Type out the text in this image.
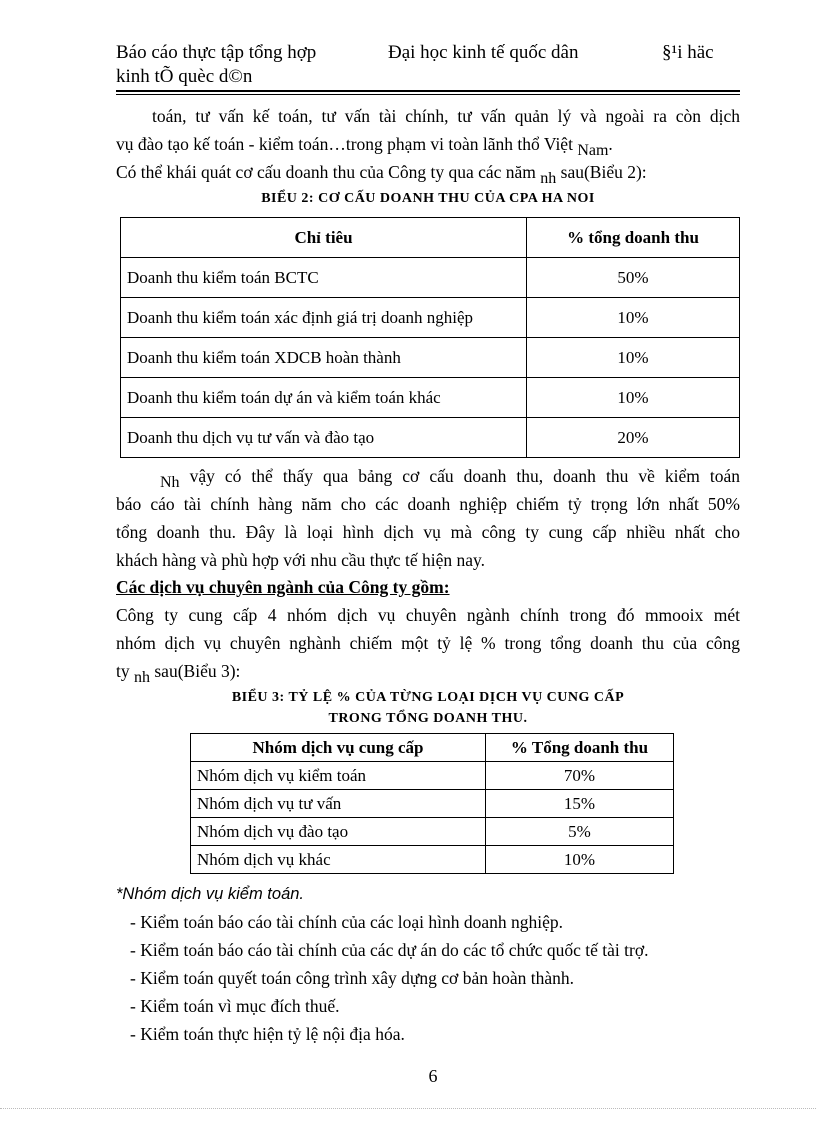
Báo cáo thực tập tổng hợp
kinh tÕ quèc d©n
Đại học kinh tế quốc dân	§¹i häc
toán, tư vấn kế toán, tư vấn tài chính, tư vấn quản lý và ngoài ra còn dịch
vụ đào tạo kế toán - kiểm toán…trong phạm vi toàn lãnh thổ Việt Nam.
Có thể khái quát cơ cấu doanh thu của Công ty qua các năm nh sau(Biểu 2):
BIỂU 2: CƠ CẤU DOANH THU CỦA CPA HA NOI
Chỉ tiêu	% tổng doanh thu
Doanh thu kiểm toán BCTC	50%
Doanh thu kiểm toán xác định giá trị doanh nghiệp	10%
Doanh thu kiểm toán XDCB hoàn thành	10%
Doanh thu kiểm toán dự án và kiểm toán khác	10%
Doanh thu dịch vụ tư vấn và đào tạo	20%
Nh vậy có thể thấy qua bảng cơ cấu doanh thu, doanh thu về kiểm toán
báo cáo tài chính hàng năm cho các doanh nghiệp chiếm tỷ trọng lớn nhất 50%
tổng doanh thu. Đây là loại hình dịch vụ mà công ty cung cấp nhiều nhất cho
khách hàng và phù hợp với nhu cầu thực tế hiện nay.
Các dịch vụ chuyên ngành của Công ty gồm:
Công ty cung cấp 4 nhóm dịch vụ chuyên ngành chính trong đó mmooix mét
nhóm dịch vụ chuyên nghành chiếm một tỷ lệ % trong tổng doanh thu của công
ty nh sau(Biểu 3):
BIỂU 3: TỶ LỆ % CỦA TỪNG LOẠI DỊCH VỤ CUNG CẤP
TRONG TỔNG DOANH THU.
Nhóm dịch vụ cung cấp	% Tổng doanh thu
Nhóm dịch vụ kiểm toán	70%
Nhóm dịch vụ tư vấn	15%
Nhóm dịch vụ đào tạo	5%
Nhóm dịch vụ khác	10%
*Nhóm dịch vụ kiểm toán.
- Kiểm toán báo cáo tài chính của các loại hình doanh nghiệp.
- Kiểm toán báo cáo tài chính của các dự án do các tổ chức quốc tế tài trợ.
- Kiểm toán quyết toán công trình xây dựng cơ bản hoàn thành.
- Kiểm toán vì mục đích thuế.
- Kiểm toán thực hiện tỷ lệ nội địa hóa.
6
